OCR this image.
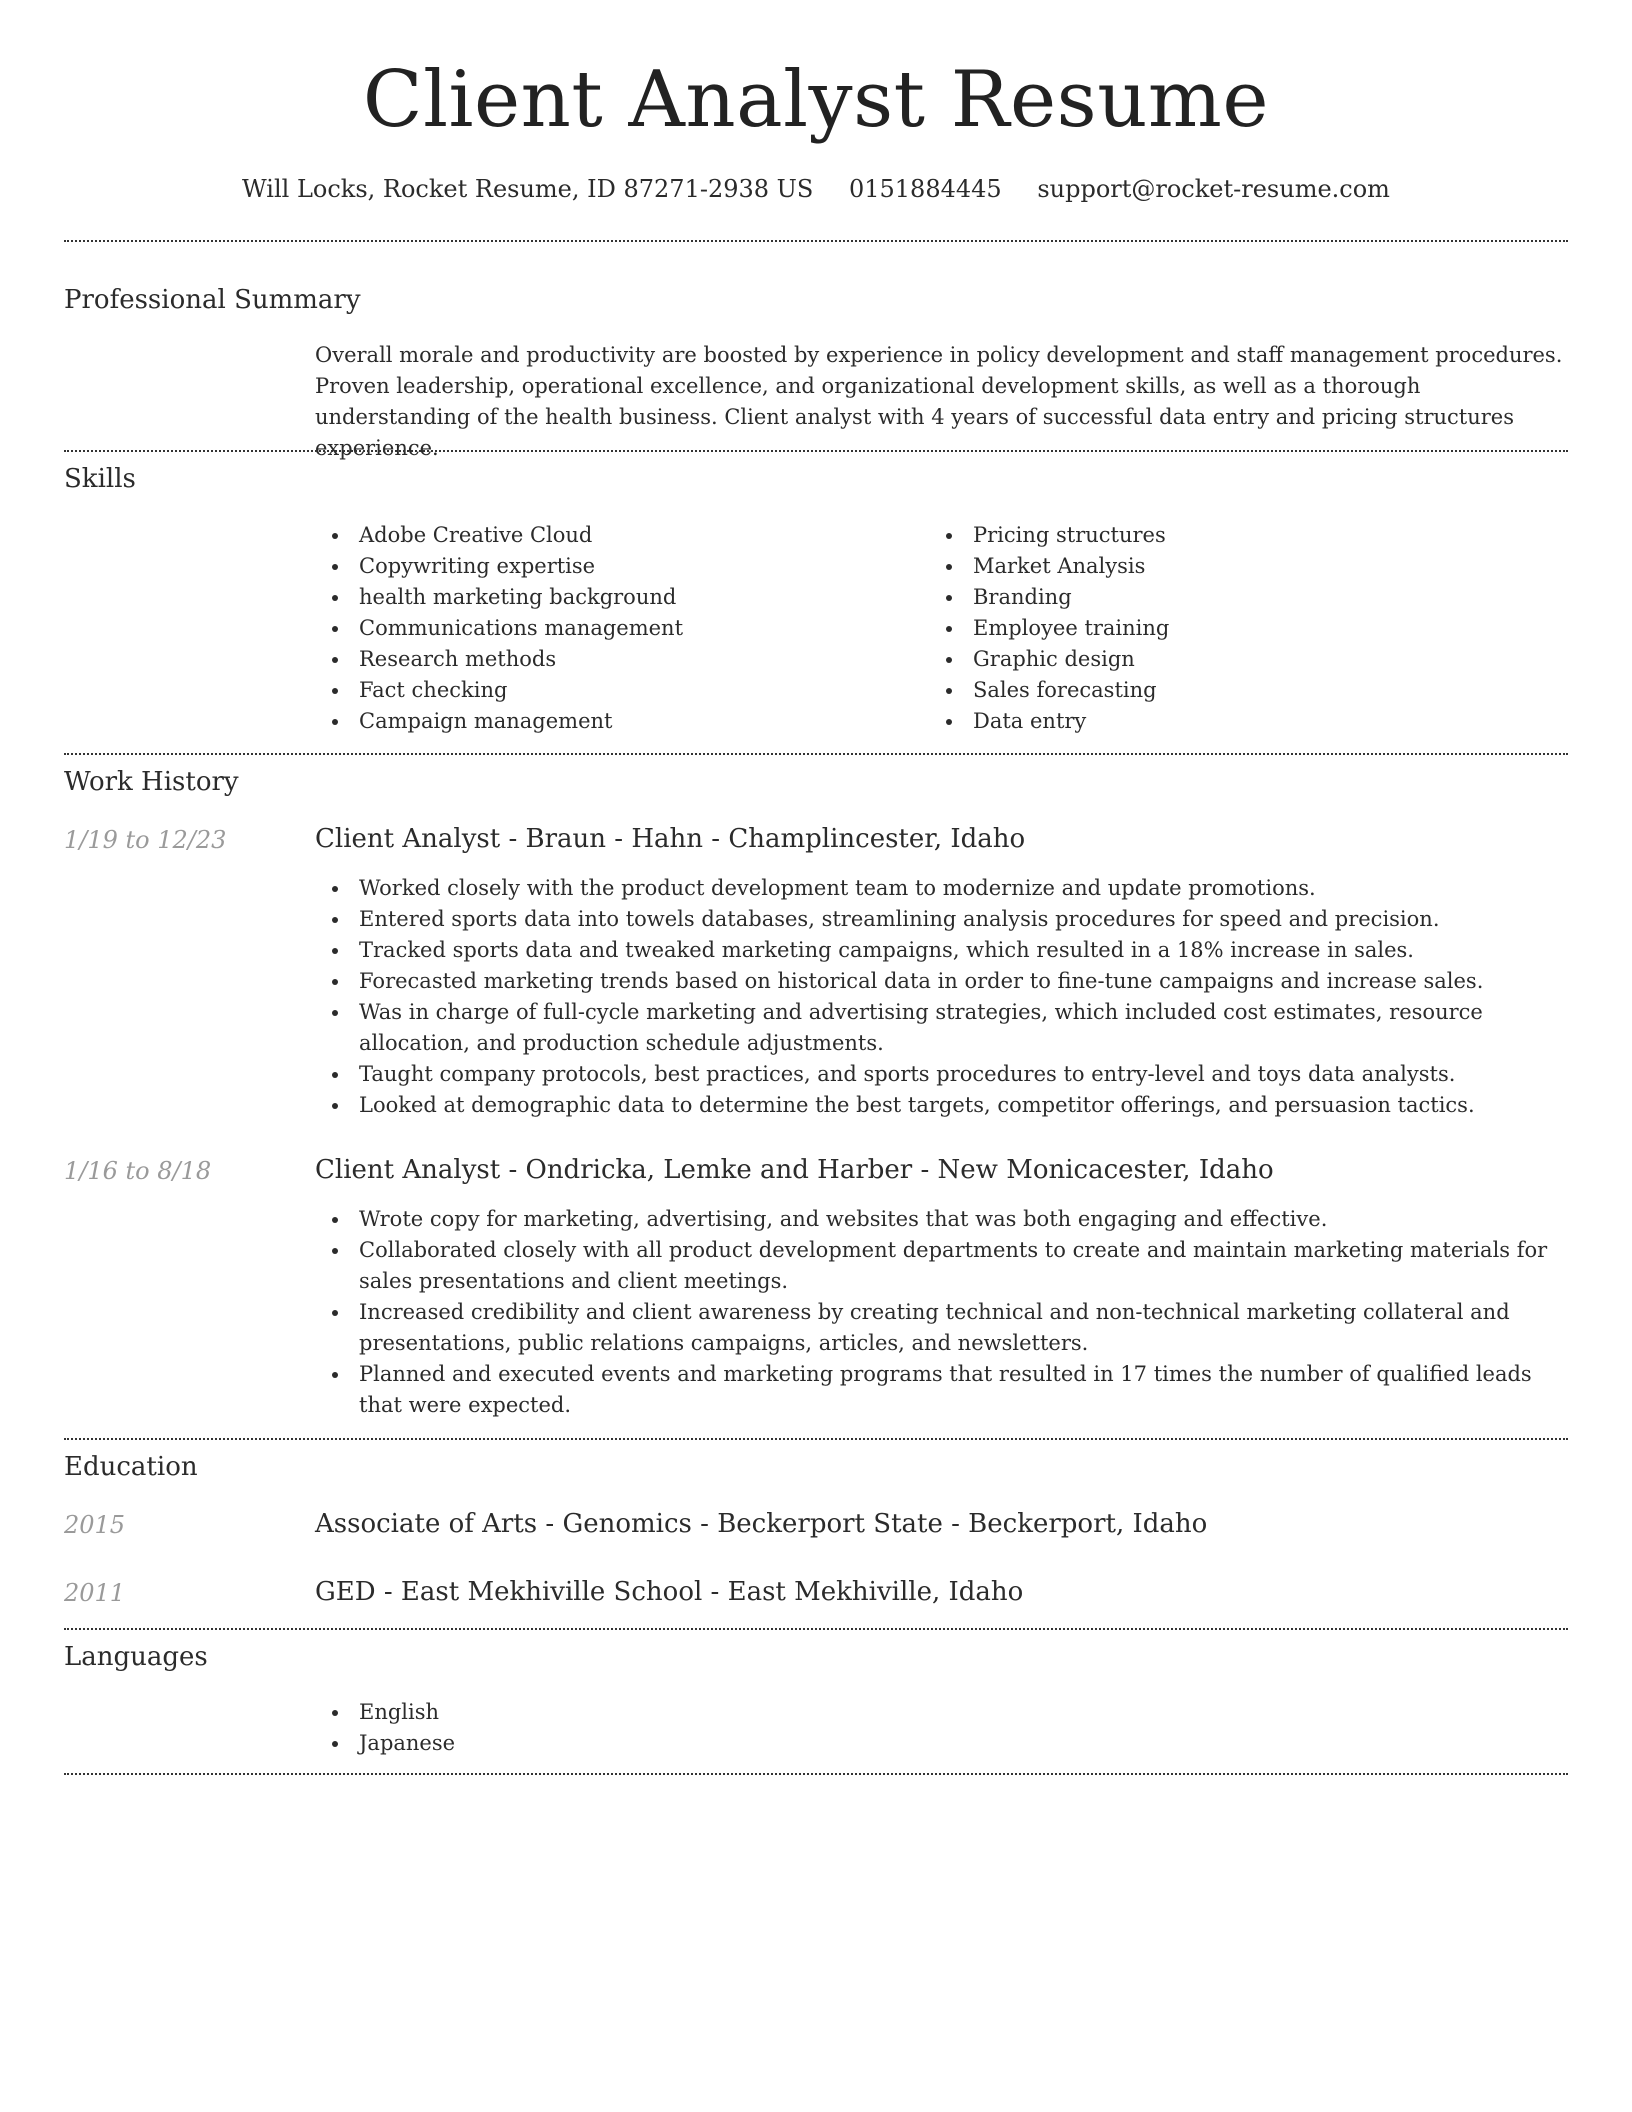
Client Analyst Resume
Will Locks, Rocket Resume, ID 87271-2938 US 0151884445 support@rocket-resume.com
Professional Summary
Overall morale and productivity are boosted by experience in policy development and staff management procedures. Proven leadership, operational excellence, and organizational development skills, as well as a thorough understanding of the health business. Client analyst with 4 years of successful data entry and pricing structures experience.
Skills
Adobe Creative Cloud
Copywriting expertise
health marketing background
Communications management
Research methods
Fact checking
Campaign management
Pricing structures
Market Analysis
Branding
Employee training
Graphic design
Sales forecasting
Data entry
Work History
1/19 to 12/23	Client Analyst - Braun - Hahn - Champlincester, Idaho
Worked closely with the product development team to modernize and update promotions.
Entered sports data into towels databases, streamlining analysis procedures for speed and precision.
Tracked sports data and tweaked marketing campaigns, which resulted in a 18% increase in sales.
Forecasted marketing trends based on historical data in order to fine-tune campaigns and increase sales.
Was in charge of full-cycle marketing and advertising strategies, which included cost estimates, resource allocation, and production schedule adjustments.
Taught company protocols, best practices, and sports procedures to entry-level and toys data analysts.
Looked at demographic data to determine the best targets, competitor offerings, and persuasion tactics.
1/16 to 8/18	Client Analyst - Ondricka, Lemke and Harber - New Monicacester, Idaho
Wrote copy for marketing, advertising, and websites that was both engaging and effective.
Collaborated closely with all product development departments to create and maintain marketing materials for sales presentations and client meetings.
Increased credibility and client awareness by creating technical and non-technical marketing collateral and presentations, public relations campaigns, articles, and newsletters.
Planned and executed events and marketing programs that resulted in 17 times the number of qualified leads that were expected.
Education
2015	Associate of Arts - Genomics - Beckerport State - Beckerport, Idaho
2011	GED - East Mekhiville School - East Mekhiville, Idaho
Languages
English
Japanese
